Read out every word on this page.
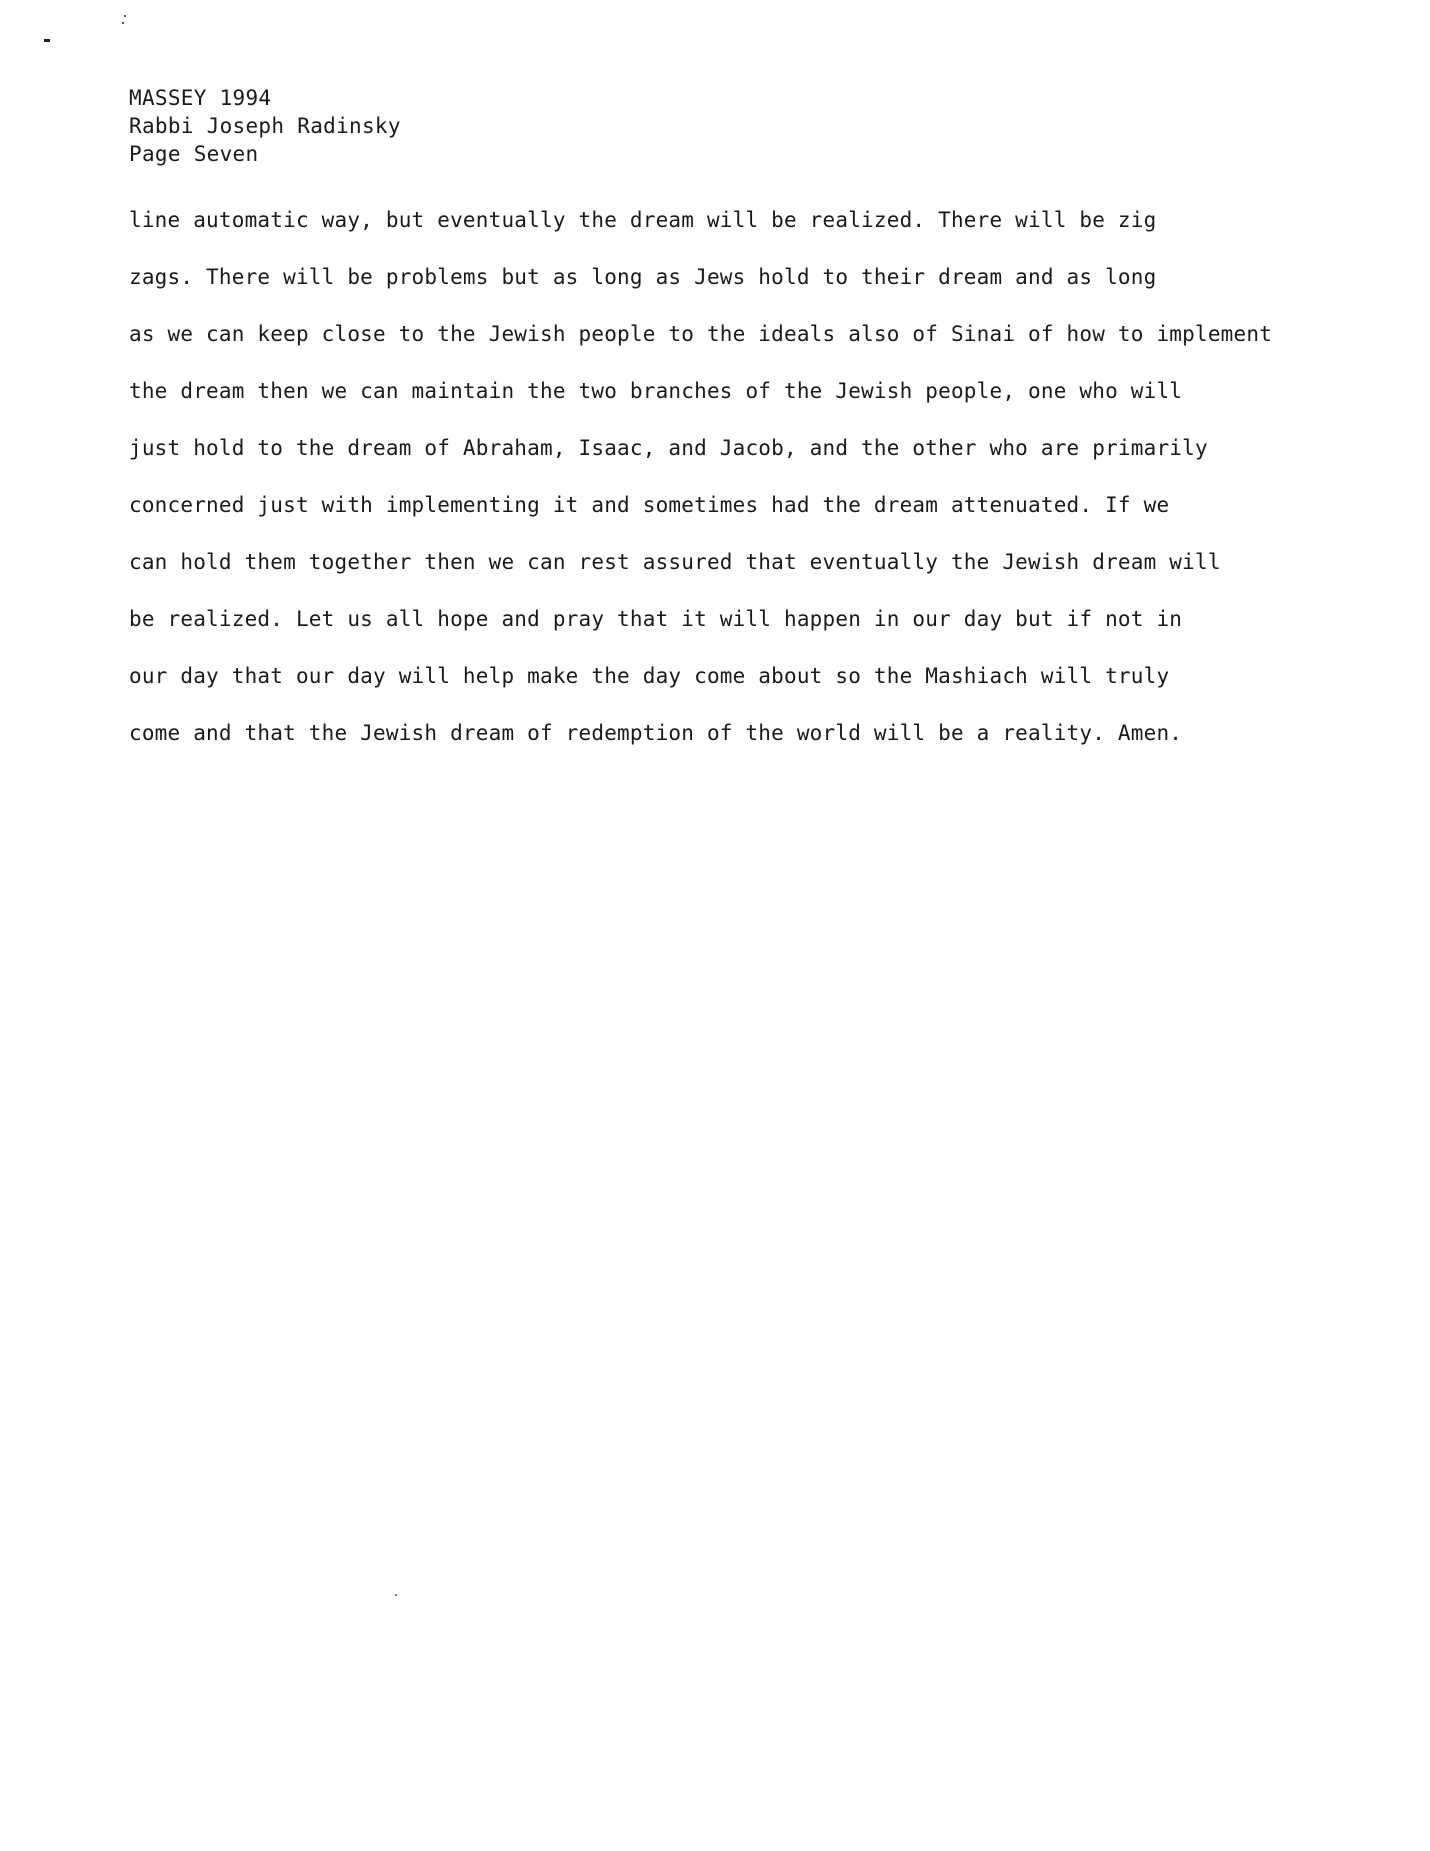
MASSEY 1994
Rabbi Joseph Radinsky
Page Seven
line automatic way, but eventually the dream will be realized. There will be zig
zags. There will be problems but as long as Jews hold to their dream and as long
as we can keep close to the Jewish people to the ideals also of Sinai of how to implement
the dream then we can maintain the two branches of the Jewish people, one who will
just hold to the dream of Abraham, Isaac, and Jacob, and the other who are primarily
concerned just with implementing it and sometimes had the dream attenuated. If we
can hold them together then we can rest assured that eventually the Jewish dream will
be realized. Let us all hope and pray that it will happen in our day but if not in
our day that our day will help make the day come about so the Mashiach will truly
come and that the Jewish dream of redemption of the world will be a reality. Amen.
